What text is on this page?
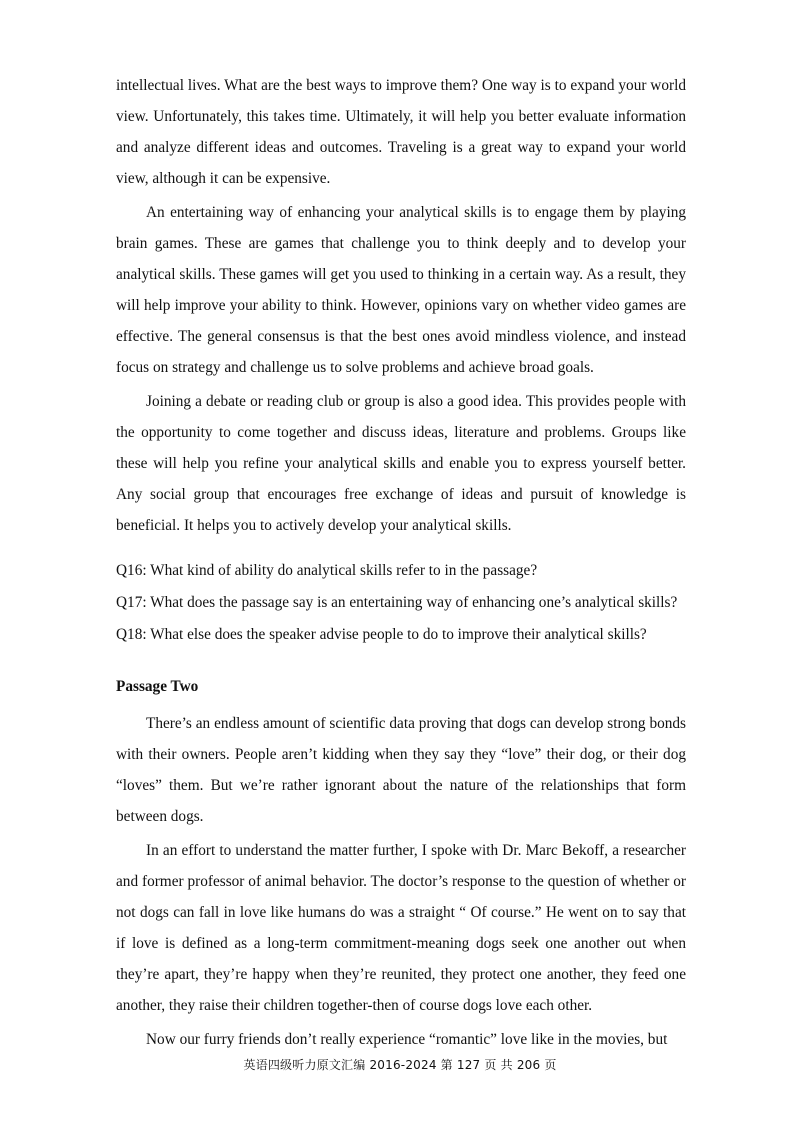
intellectual lives. What are the best ways to improve them? One way is to expand your world view. Unfortunately, this takes time. Ultimately, it will help you better evaluate information and analyze different ideas and outcomes. Traveling is a great way to expand your world view, although it can be expensive.

An entertaining way of enhancing your analytical skills is to engage them by playing brain games. These are games that challenge you to think deeply and to develop your analytical skills. These games will get you used to thinking in a certain way. As a result, they will help improve your ability to think. However, opinions vary on whether video games are effective. The general consensus is that the best ones avoid mindless violence, and instead focus on strategy and challenge us to solve problems and achieve broad goals.

Joining a debate or reading club or group is also a good idea. This provides people with the opportunity to come together and discuss ideas, literature and problems. Groups like these will help you refine your analytical skills and enable you to express yourself better. Any social group that encourages free exchange of ideas and pursuit of knowledge is beneficial. It helps you to actively develop your analytical skills.

Q16: What kind of ability do analytical skills refer to in the passage?

Q17: What does the passage say is an entertaining way of enhancing one’s analytical skills?

Q18: What else does the speaker advise people to do to improve their analytical skills?

Passage Two

There’s an endless amount of scientific data proving that dogs can develop strong bonds with their owners. People aren’t kidding when they say they “love” their dog, or their dog “loves” them. But we’re rather ignorant about the nature of the relationships that form between dogs.

In an effort to understand the matter further, I spoke with Dr. Marc Bekoff, a researcher and former professor of animal behavior. The doctor’s response to the question of whether or not dogs can fall in love like humans do was a straight “ Of course.” He went on to say that if love is defined as a long-term commitment-meaning dogs seek one another out when they’re apart, they’re happy when they’re reunited, they protect one another, they feed one another, they raise their children together-then of course dogs love each other.

Now our furry friends don’t really experience “romantic” love like in the movies, but

英语四级听力原文汇编 2016-2024 第 127 页 共 206 页
